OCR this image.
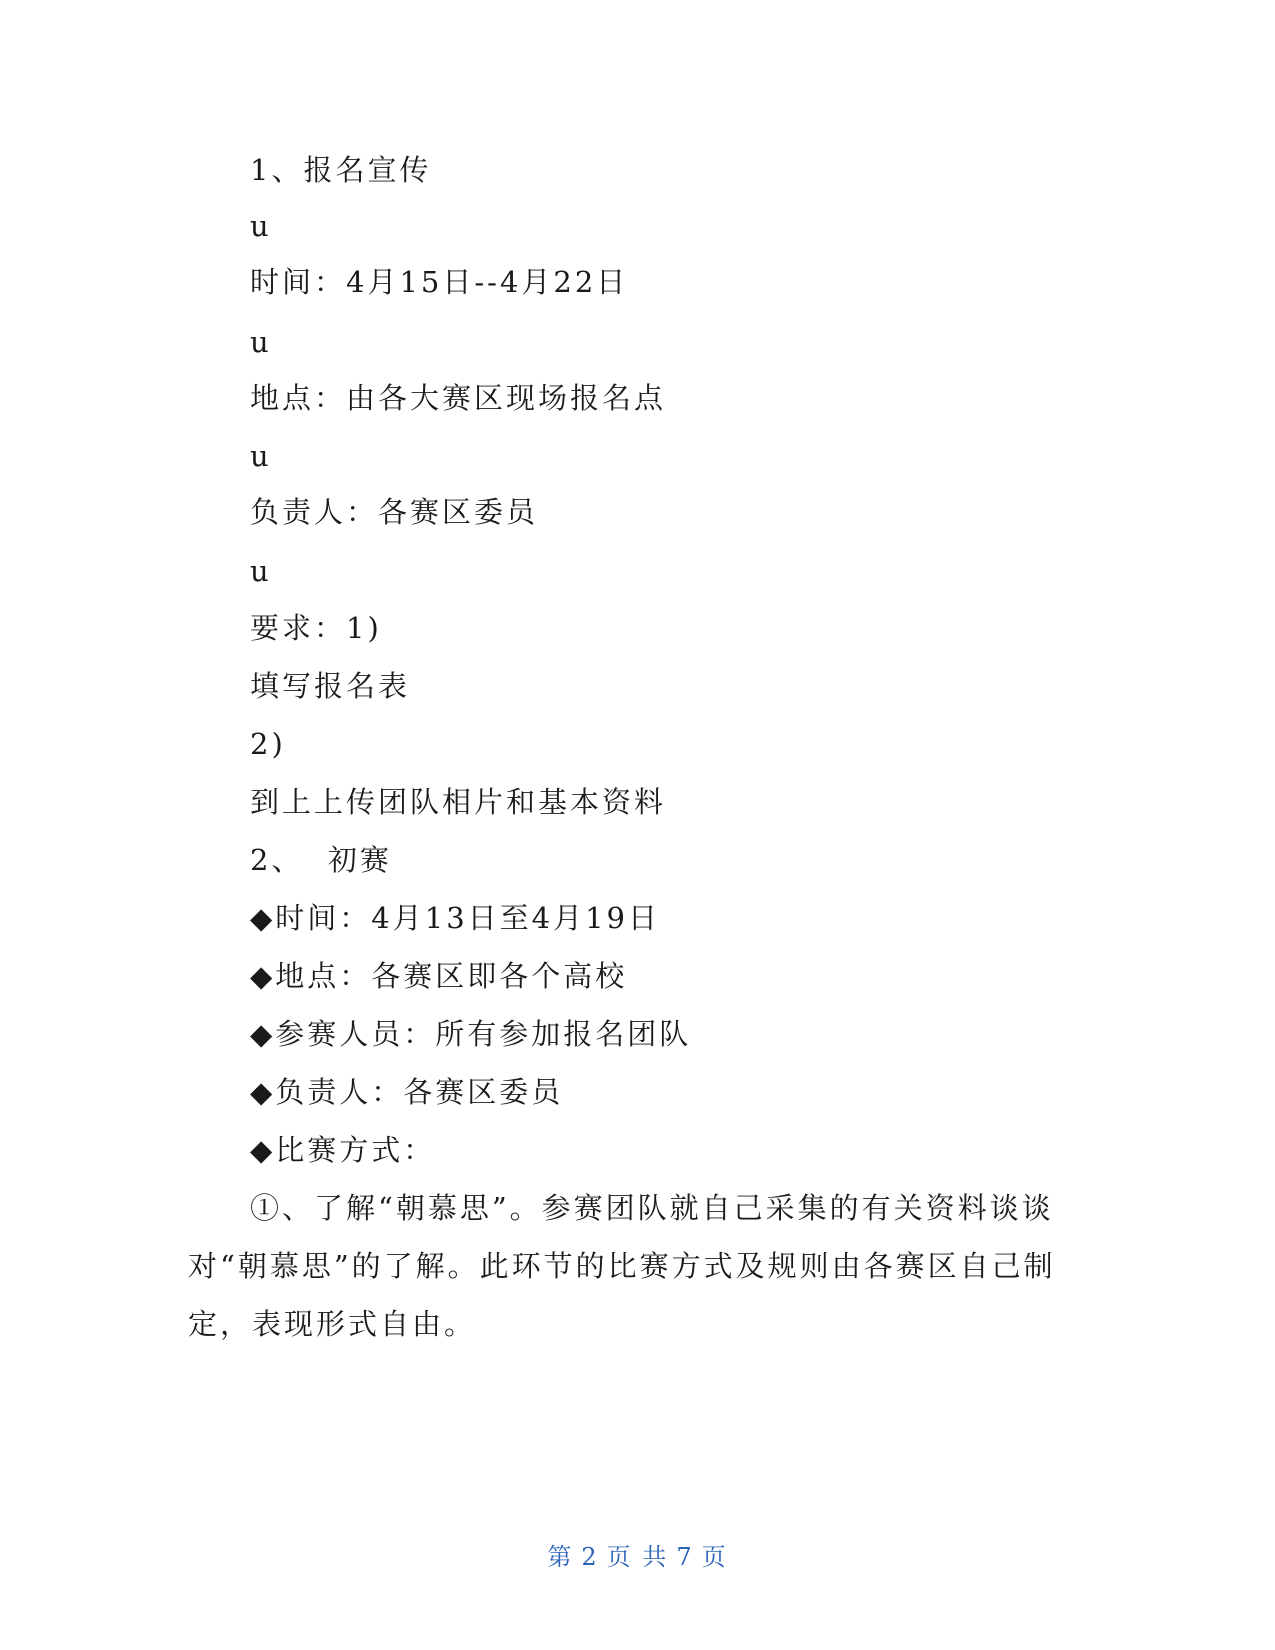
1、报名宣传
u
时间：4月15日--4月22日
u
地点：由各大赛区现场报名点
u
负责人：各赛区委员
u
要求：1)
填写报名表
2)
到上上传团队相片和基本资料
2、  初赛
◆时间：4月13日至4月19日
◆地点：各赛区即各个高校
◆参赛人员：所有参加报名团队
◆负责人：各赛区委员
◆比赛方式：
①、了解“朝慕思”。参赛团队就自己采集的有关资料谈谈
对“朝慕思”的了解。此环节的比赛方式及规则由各赛区自己制
定，表现形式自由。
第 2 页 共 7 页
